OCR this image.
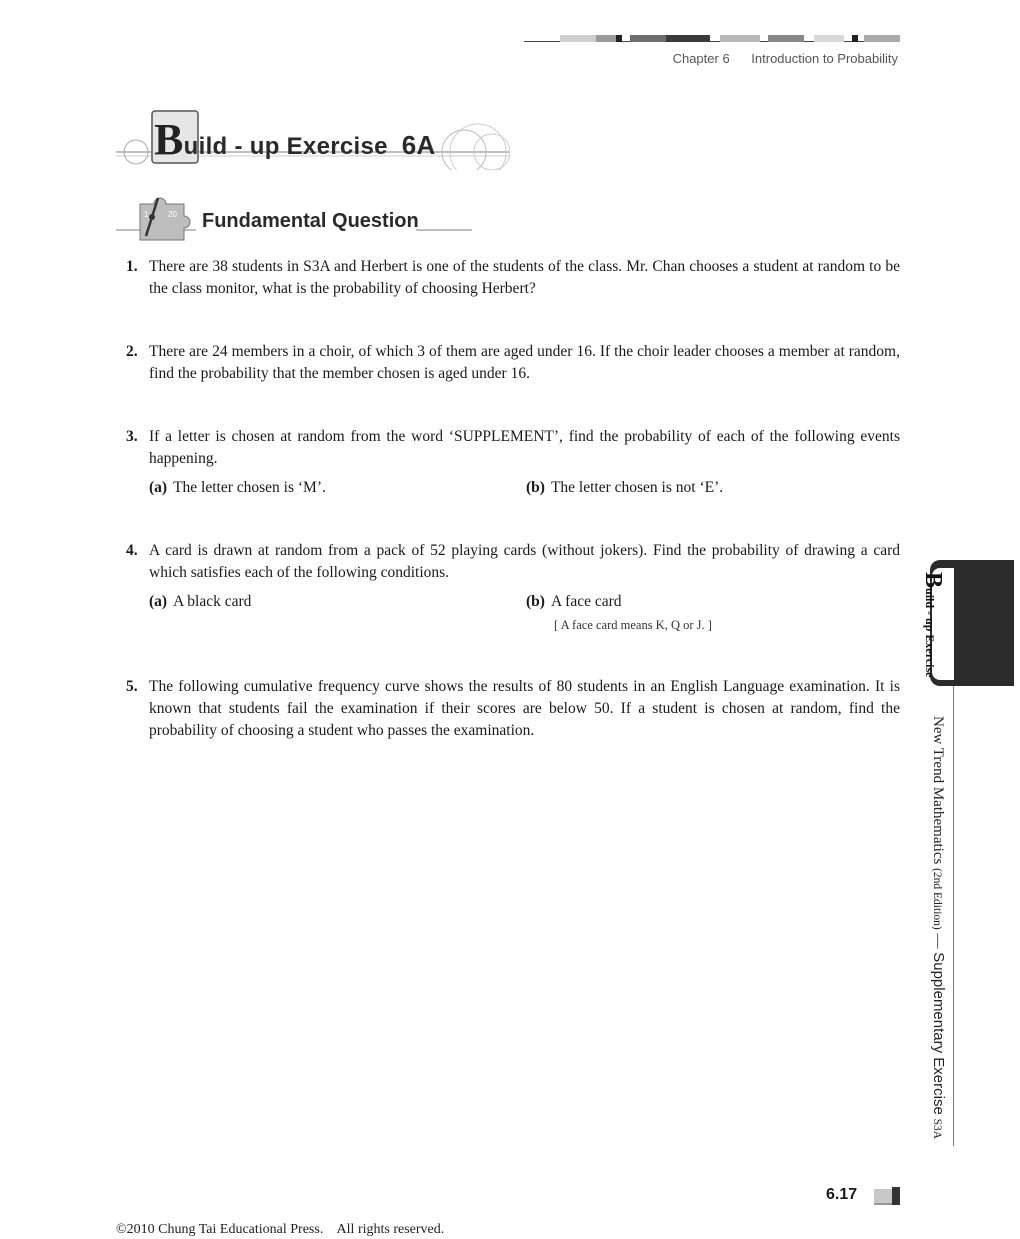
Chapter 6 Introduction to Probability
Build - up Exercise 6A
1 20 Fundamental Question
1. There are 38 students in S3A and Herbert is one of the students of the class. Mr. Chan chooses a student at random to be the class monitor, what is the probability of choosing Herbert?
2. There are 24 members in a choir, of which 3 of them are aged under 16. If the choir leader chooses a member at random, find the probability that the member chosen is aged under 16.
3. If a letter is chosen at random from the word ‘SUPPLEMENT’, find the probability of each of the following events happening.
(a) The letter chosen is ‘M’.	(b) The letter chosen is not ‘E’.
4. A card is drawn at random from a pack of 52 playing cards (without jokers). Find the probability of drawing a card which satisfies each of the following conditions.
(a) A black card	(b) A face card
[ A face card means K, Q or J. ]
5. The following cumulative frequency curve shows the results of 80 students in an English Language examination. It is known that students fail the examination if their scores are below 50. If a student is chosen at random, find the probability of choosing a student who passes the examination.
Build - up Exercise
New Trend Mathematics (2nd Edition) — Supplementary Exercise S3A
6.17
©2010 Chung Tai Educational Press.    All rights reserved.
